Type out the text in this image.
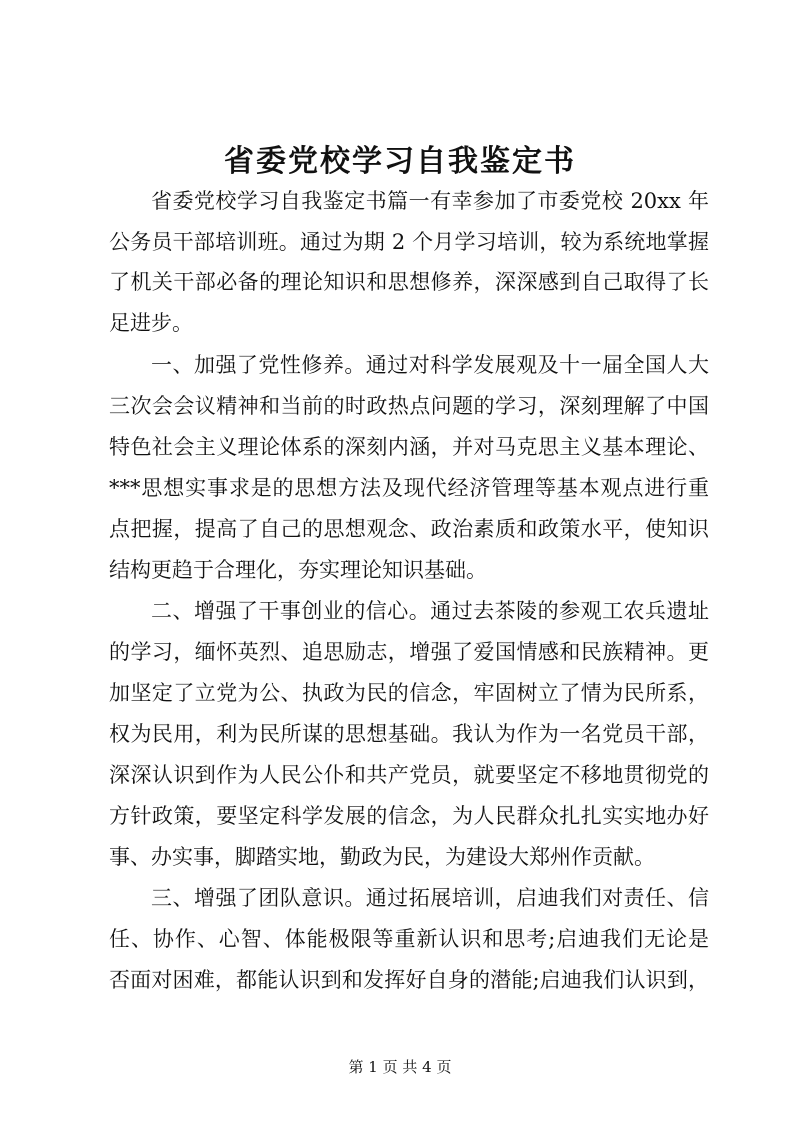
省委党校学习自我鉴定书
省委党校学习自我鉴定书篇一有幸参加了市委党校 20xx 年
公务员干部培训班。通过为期 2 个月学习培训，较为系统地掌握
了机关干部必备的理论知识和思想修养，深深感到自己取得了长
足进步。
一、加强了党性修养。通过对科学发展观及十一届全国人大
三次会会议精神和当前的时政热点问题的学习，深刻理解了中国
特色社会主义理论体系的深刻内涵，并对马克思主义基本理论、
***思想实事求是的思想方法及现代经济管理等基本观点进行重
点把握，提高了自己的思想观念、政治素质和政策水平，使知识
结构更趋于合理化，夯实理论知识基础。
二、增强了干事创业的信心。通过去茶陵的参观工农兵遗址
的学习，缅怀英烈、追思励志，增强了爱国情感和民族精神。更
加坚定了立党为公、执政为民的信念，牢固树立了情为民所系，
权为民用，利为民所谋的思想基础。我认为作为一名党员干部，
深深认识到作为人民公仆和共产党员，就要坚定不移地贯彻党的
方针政策，要坚定科学发展的信念，为人民群众扎扎实实地办好
事、办实事，脚踏实地，勤政为民，为建设大郑州作贡献。
三、增强了团队意识。通过拓展培训，启迪我们对责任、信
任、协作、心智、体能极限等重新认识和思考;启迪我们无论是
否面对困难，都能认识到和发挥好自身的潜能;启迪我们认识到，
第 1 页 共 4 页
